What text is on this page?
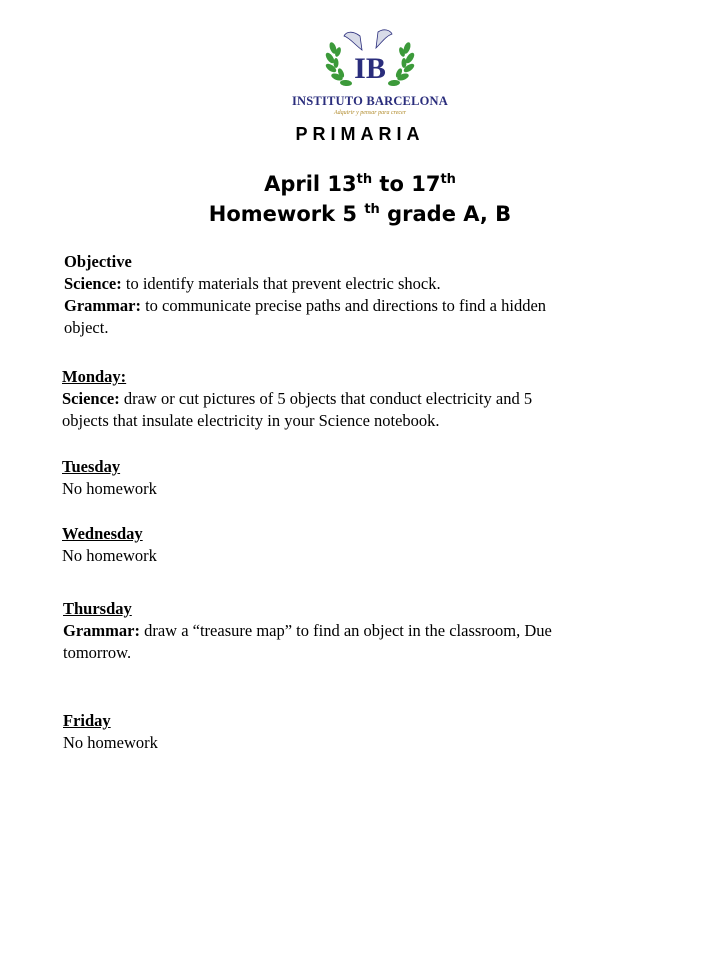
IB
INSTITUTO BARCELONA
Adquirir y pensar para crecer
PRIMARIA
April 13th to 17th
Homework 5 $^{th}$ grade A, B
Objective
Science: to identify materials that prevent electric shock.
Grammar: to communicate precise paths and directions to find a hidden
object.
Monday:
Science: draw or cut pictures of 5 objects that conduct electricity and 5
objects that insulate electricity in your Science notebook.
Tuesday
No homework
Wednesday
No homework
Thursday
Grammar: draw a “treasure map” to find an object in the classroom, Due
tomorrow.
Friday
No homework
